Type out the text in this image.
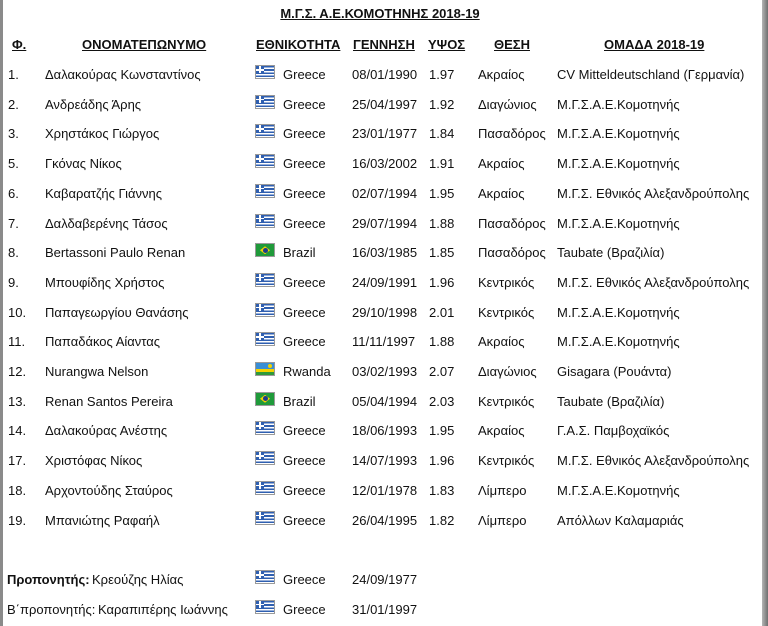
Μ.Γ.Σ. Α.Ε.ΚΟΜΟΤΗΝΗΣ 2018-19
Φ.	ΟΝΟΜΑΤΕΠΩΝΥΜΟ	ΕΘΝΙΚΟΤΗΤΑ ΓΕΝΝΗΣΗ ΥΨΟΣ ΘΕΣΗ	ΟΜΑΔΑ 2018-19
1. Δαλακούρας Κωνσταντίνος	Greece 08/01/1990 1.97 Ακραίος	CV Mitteldeutschland (Γερμανία)
2. Ανδρεάδης Άρης	Greece 25/04/1997 1.92 Διαγώνιος Μ.Γ.Σ.Α.Ε.Κομοτηνής
3. Χρηστάκος Γιώργος	Greece 23/01/1977 1.84 Πασαδόρος Μ.Γ.Σ.Α.Ε.Κομοτηνής
5. Γκόνας Νίκος	Greece 16/03/2002 1.91 Ακραίος	Μ.Γ.Σ.Α.Ε.Κομοτηνής
6. Καβαρατζής Γιάννης	Greece 02/07/1994 1.95 Ακραίος	Μ.Γ.Σ. Εθνικός Αλεξανδρούπολης
7. Δαλδαβερένης Τάσος	Greece 29/07/1994 1.88 Πασαδόρος Μ.Γ.Σ.Α.Ε.Κομοτηνής
8. Bertassoni Paulo Renan	Brazil	16/03/1985 1.85 Πασαδόρος Taubate (Βραζιλία)
9. Μπουφίδης Χρήστος	Greece 24/09/1991 1.96 Κεντρικός Μ.Γ.Σ. Εθνικός Αλεξανδρούπολης
10. Παπαγεωργίου Θανάσης	Greece 29/10/1998 2.01 Κεντρικός Μ.Γ.Σ.Α.Ε.Κομοτηνής
11. Παπαδάκος Αίαντας	Greece 11/11/1997 1.88 Ακραίος	Μ.Γ.Σ.Α.Ε.Κομοτηνής
12. Nurangwa Nelson	Rwanda 03/02/1993 2.07 Διαγώνιος Gisagara (Ρουάντα)
13. Renan Santos Pereira	Brazil	05/04/1994 2.03 Κεντρικός Taubate (Βραζιλία)
14. Δαλακούρας Ανέστης	Greece 18/06/1993 1.95 Ακραίος	Γ.Α.Σ. Παμβοχαϊκός
17. Χριστόφας Νίκος	Greece 14/07/1993 1.96 Κεντρικός Μ.Γ.Σ. Εθνικός Αλεξανδρούπολης
18. Αρχοντούδης Σταύρος	Greece 12/01/1978 1.83 Λίμπερο Μ.Γ.Σ.Α.Ε.Κομοτηνής
19. Μπανιώτης Ραφαήλ	Greece 26/04/1995 1.82 Λίμπερο Απόλλων Καλαμαριάς
Προπονητής: Κρεούζης Ηλίας	Greece 24/09/1977
Β΄προπονητής: Καραπιπέρης Ιωάννης	Greece 31/01/1997
